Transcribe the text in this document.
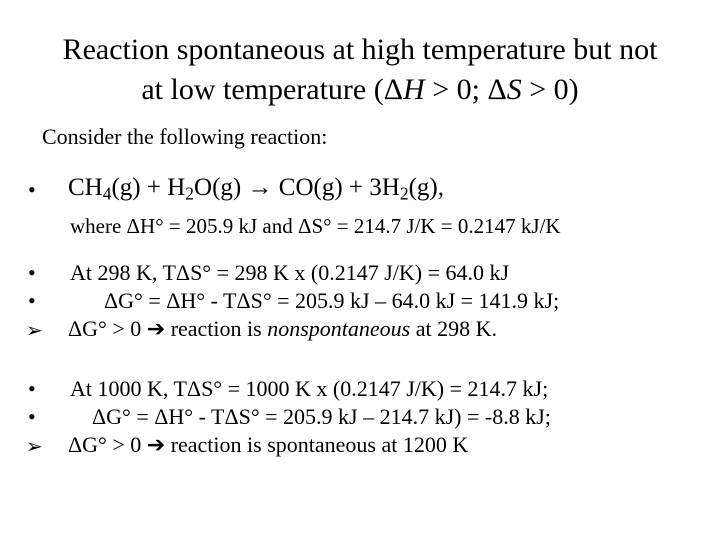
Reaction spontaneous at high temperature but not
at low temperature (ΔH > 0; ΔS > 0)
Consider the following reaction:
• $CH_4(g) + H_2O(g) \to CO(g) + 3H_2(g)$,
where ΔH° = 205.9 kJ and ΔS° = 214.7 J/K = 0.2147 kJ/K
• At 298 K, TΔS° = 298 K x (0.2147 J/K) = 64.0 kJ
•	ΔG° = ΔH° - TΔS° = 205.9 kJ – 64.0 kJ = 141.9 kJ;
➢ ΔG° > 0 ➔ reaction is nonspontaneous at 298 K.
• At 1000 K, TΔS° = 1000 K x (0.2147 J/K) = 214.7 kJ;
•	ΔG° = ΔH° - TΔS° = 205.9 kJ – 214.7 kJ) = -8.8 kJ;
➢ ΔG° > 0 ➔ reaction is spontaneous at 1200 K
